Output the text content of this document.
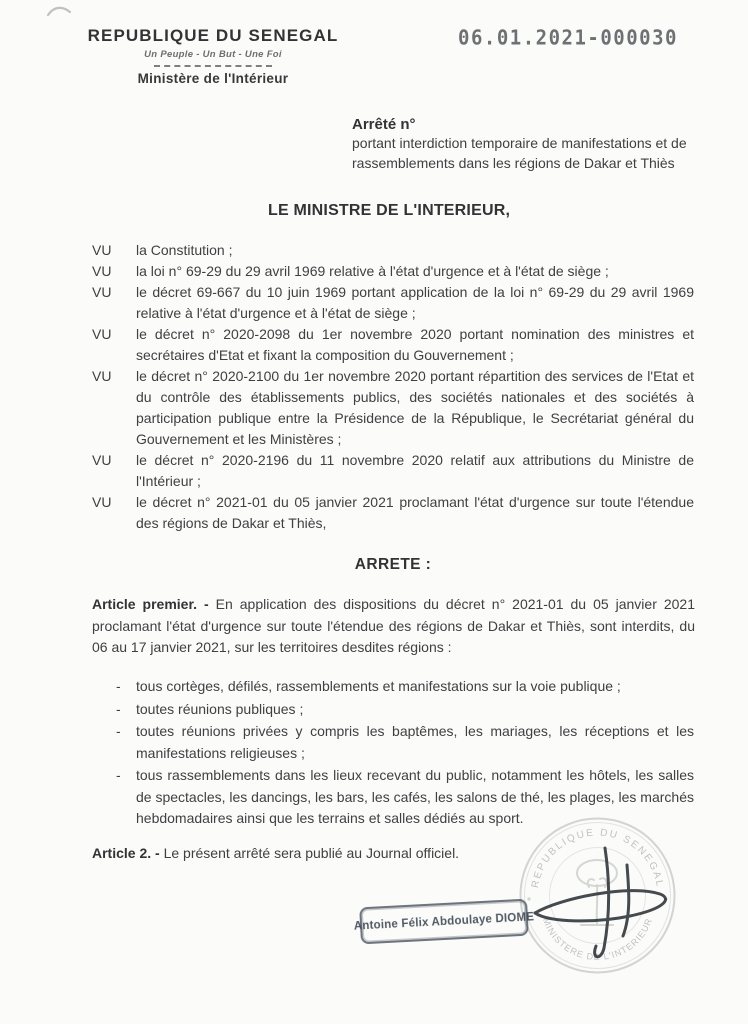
REPUBLIQUE DU SENEGAL
Un Peuple - Un But - Une Foi
Ministère de l'Intérieur
06.01.2021-000030
Arrêté n°
portant interdiction temporaire de manifestations et de
rassemblements dans les régions de Dakar et Thiès
LE MINISTRE DE L'INTERIEUR,
VU	la Constitution ;
VU	la loi n° 69-29 du 29 avril 1969 relative à l'état d'urgence et à l'état de siège ;
VU	le décret 69-667 du 10 juin 1969 portant application de la loi n° 69-29 du 29 avril 1969 relative à l'état d'urgence et à l'état de siège ;
VU	le décret n° 2020-2098 du 1er novembre 2020 portant nomination des ministres et secrétaires d'Etat et fixant la composition du Gouvernement ;
VU	le décret n° 2020-2100 du 1er novembre 2020 portant répartition des services de l'Etat et du contrôle des établissements publics, des sociétés nationales et des sociétés à participation publique entre la Présidence de la République, le Secrétariat général du Gouvernement et les Ministères ;
VU	le décret n° 2020-2196 du 11 novembre 2020 relatif aux attributions du Ministre de l'Intérieur ;
VU	le décret n° 2021-01 du 05 janvier 2021 proclamant l'état d'urgence sur toute l'étendue des régions de Dakar et Thiès,
ARRETE :

Article premier. - En application des dispositions du décret n° 2021-01 du 05 janvier 2021 proclamant l'état d'urgence sur toute l'étendue des régions de Dakar et Thiès, sont interdits, du 06 au 17 janvier 2021, sur les territoires desdites régions :

- tous cortèges, défilés, rassemblements et manifestations sur la voie publique ;
- toutes réunions publiques ;
- toutes réunions privées y compris les baptêmes, les mariages, les réceptions et les manifestations religieuses ;
- tous rassemblements dans les lieux recevant du public, notamment les hôtels, les salles de spectacles, les dancings, les bars, les cafés, les salons de thé, les plages, les marchés hebdomadaires ainsi que les terrains et salles dédiés au sport.

Article 2. - Le présent arrêté sera publié au Journal officiel.

REPUBLIQUE DU SENEGAL
MINISTERE DE L'INTERIEUR
Antoine Félix Abdoulaye DIOME
